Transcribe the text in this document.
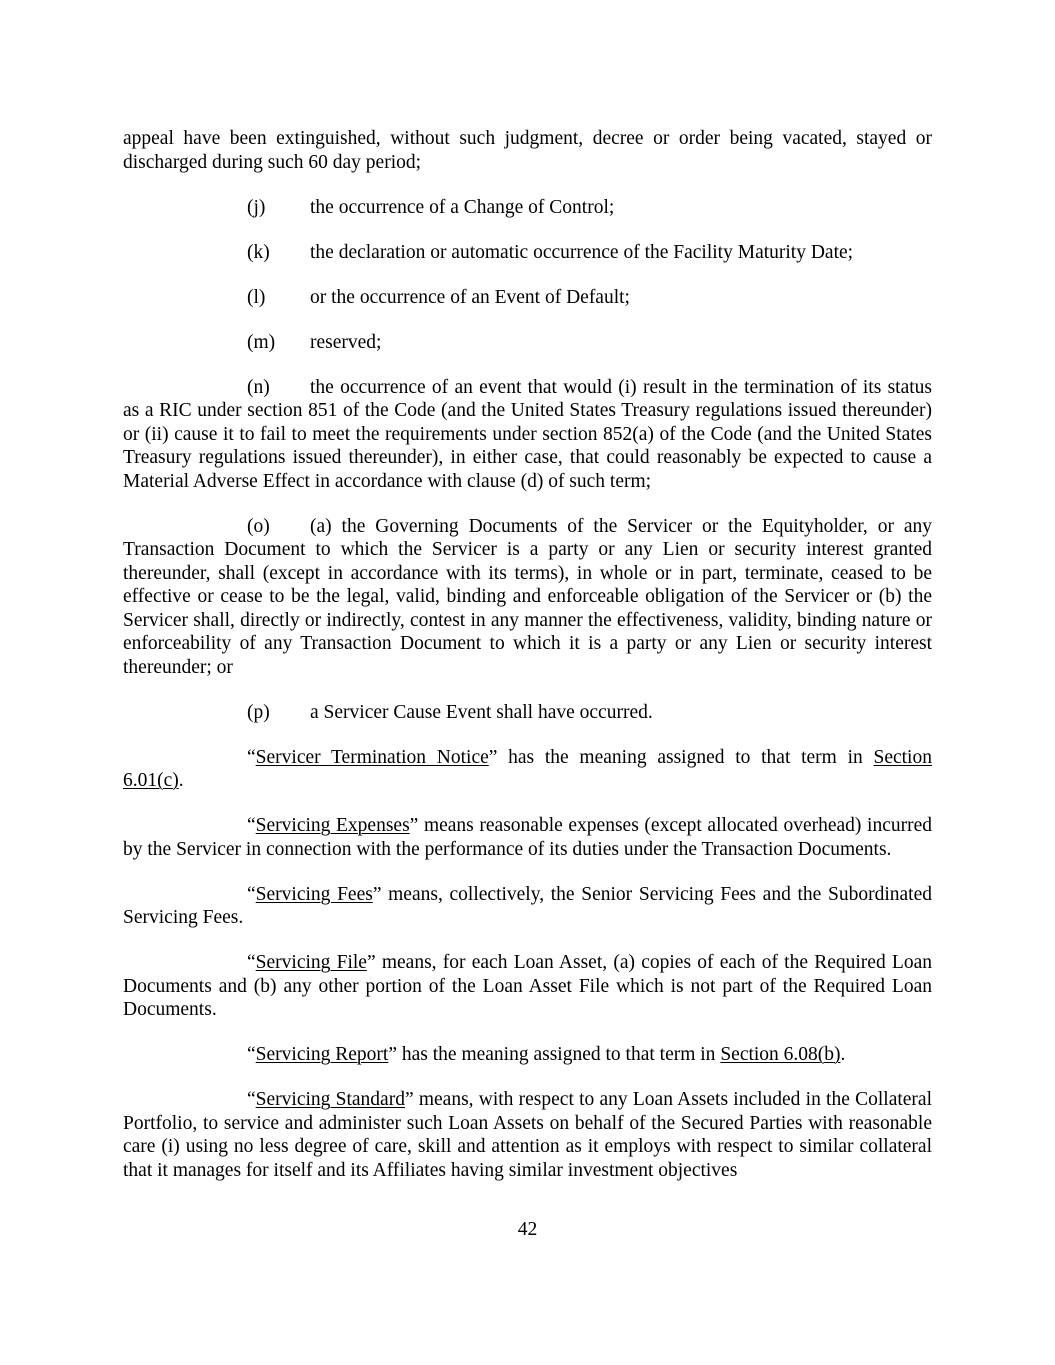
appeal have been extinguished, without such judgment, decree or order being vacated, stayed or discharged during such 60 day period;

(j) the occurrence of a Change of Control;

(k) the declaration or automatic occurrence of the Facility Maturity Date;

(l) or the occurrence of an Event of Default;

(m) reserved;

(n) the occurrence of an event that would (i) result in the termination of its status as a RIC under section 851 of the Code (and the United States Treasury regulations issued thereunder) or (ii) cause it to fail to meet the requirements under section 852(a) of the Code (and the United States Treasury regulations issued thereunder), in either case, that could reasonably be expected to cause a Material Adverse Effect in accordance with clause (d) of such term;

(o) (a) the Governing Documents of the Servicer or the Equityholder, or any Transaction Document to which the Servicer is a party or any Lien or security interest granted thereunder, shall (except in accordance with its terms), in whole or in part, terminate, ceased to be effective or cease to be the legal, valid, binding and enforceable obligation of the Servicer or (b) the Servicer shall, directly or indirectly, contest in any manner the effectiveness, validity, binding nature or enforceability of any Transaction Document to which it is a party or any Lien or security interest thereunder; or

(p) a Servicer Cause Event shall have occurred.

“Servicer Termination Notice” has the meaning assigned to that term in Section 6.01(c).

“Servicing Expenses” means reasonable expenses (except allocated overhead) incurred by the Servicer in connection with the performance of its duties under the Transaction Documents.

“Servicing Fees” means, collectively, the Senior Servicing Fees and the Subordinated Servicing Fees.

“Servicing File” means, for each Loan Asset, (a) copies of each of the Required Loan Documents and (b) any other portion of the Loan Asset File which is not part of the Required Loan Documents.

“Servicing Report” has the meaning assigned to that term in Section 6.08(b).

“Servicing Standard” means, with respect to any Loan Assets included in the Collateral Portfolio, to service and administer such Loan Assets on behalf of the Secured Parties with reasonable care (i) using no less degree of care, skill and attention as it employs with respect to similar collateral that it manages for itself and its Affiliates having similar investment objectives

42
